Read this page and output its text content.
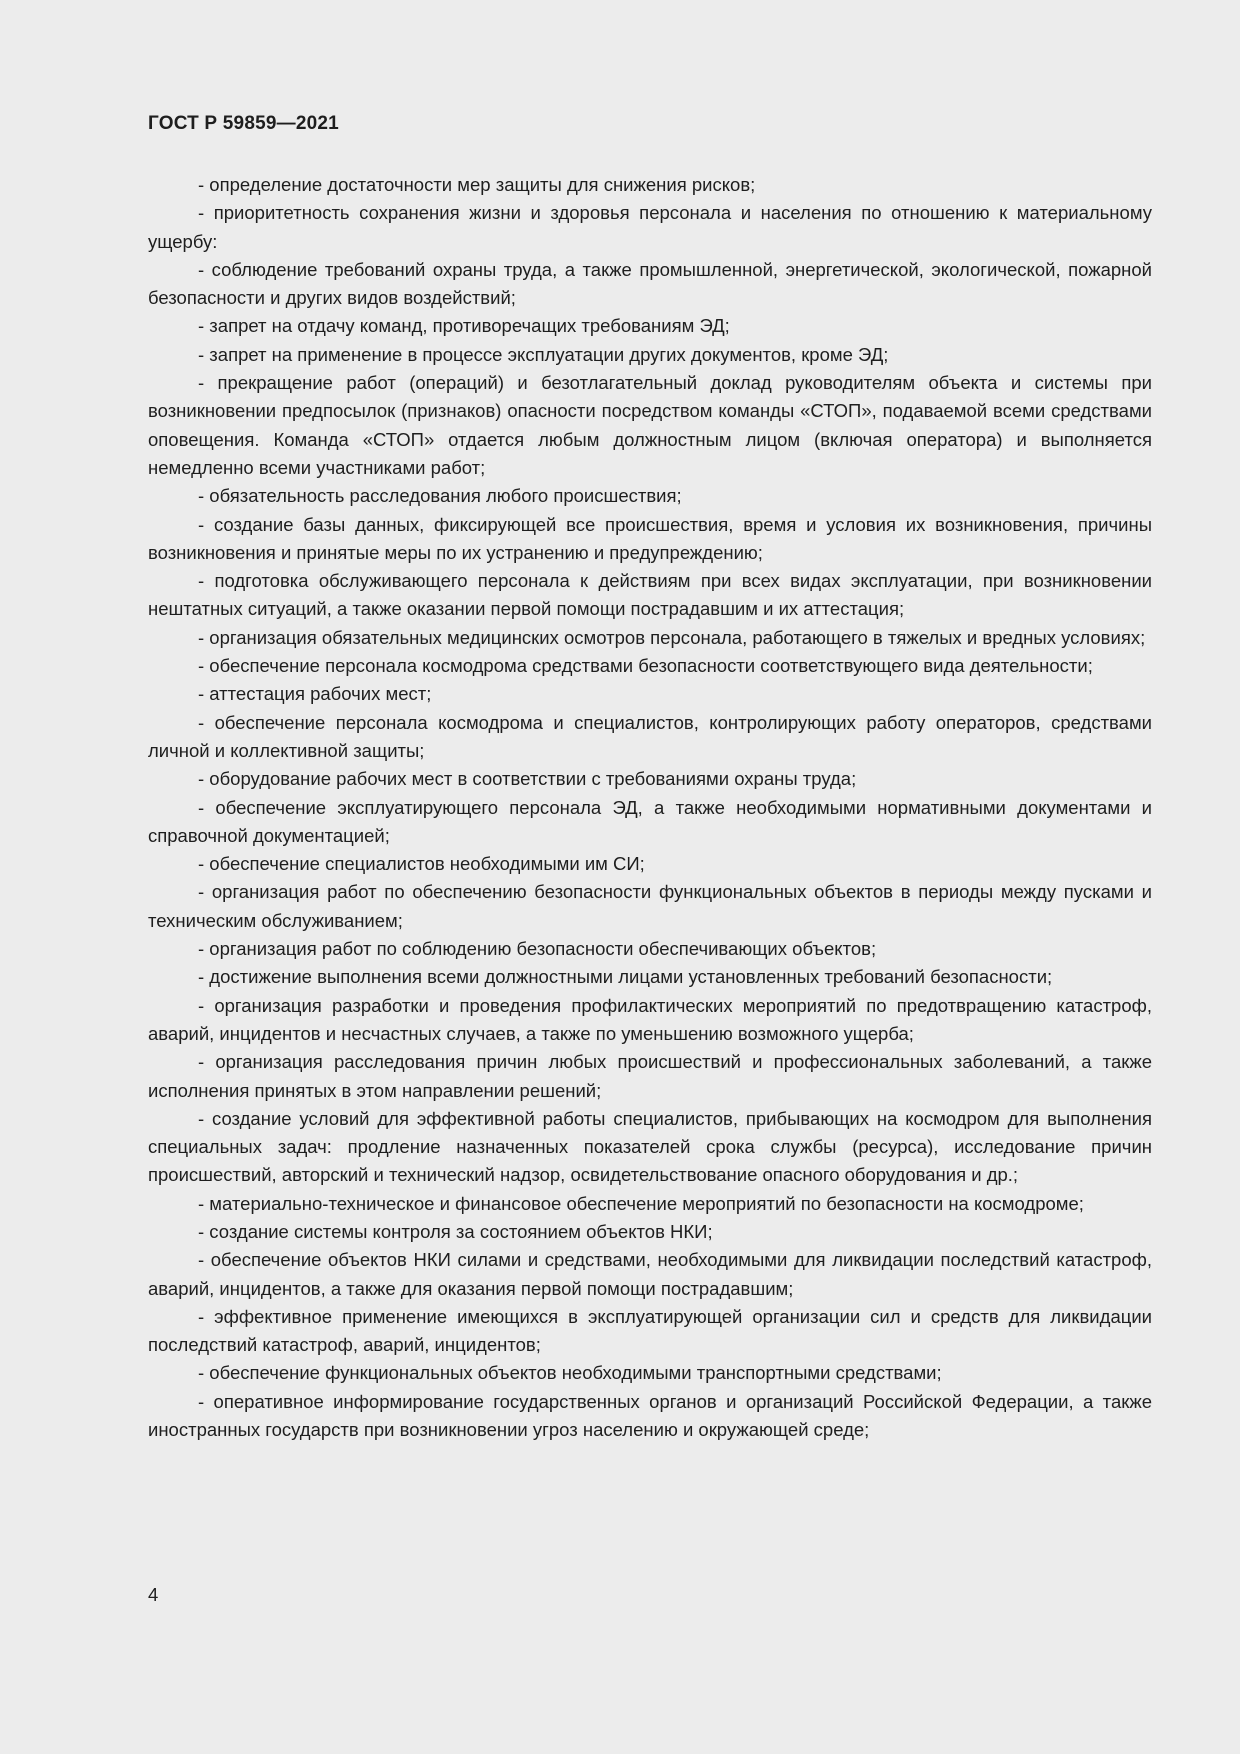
ГОСТ Р 59859—2021

- определение достаточности мер защиты для снижения рисков;

- приоритетность сохранения жизни и здоровья персонала и населения по отношению к материальному ущербу:

- соблюдение требований охраны труда, а также промышленной, энергетической, экологической, пожарной безопасности и других видов воздействий;

- запрет на отдачу команд, противоречащих требованиям ЭД;

- запрет на применение в процессе эксплуатации других документов, кроме ЭД;

- прекращение работ (операций) и безотлагательный доклад руководителям объекта и системы при возникновении предпосылок (признаков) опасности посредством команды «СТОП», подаваемой всеми средствами оповещения. Команда «СТОП» отдается любым должностным лицом (включая оператора) и выполняется немедленно всеми участниками работ;

- обязательность расследования любого происшествия;

- создание базы данных, фиксирующей все происшествия, время и условия их возникновения, причины возникновения и принятые меры по их устранению и предупреждению;

- подготовка обслуживающего персонала к действиям при всех видах эксплуатации, при возникновении нештатных ситуаций, а также оказании первой помощи пострадавшим и их аттестация;

- организация обязательных медицинских осмотров персонала, работающего в тяжелых и вредных условиях;

- обеспечение персонала космодрома средствами безопасности соответствующего вида деятельности;

- аттестация рабочих мест;

- обеспечение персонала космодрома и специалистов, контролирующих работу операторов, средствами личной и коллективной защиты;

- оборудование рабочих мест в соответствии с требованиями охраны труда;

- обеспечение эксплуатирующего персонала ЭД, а также необходимыми нормативными документами и справочной документацией;

- обеспечение специалистов необходимыми им СИ;

- организация работ по обеспечению безопасности функциональных объектов в периоды между пусками и техническим обслуживанием;

- организация работ по соблюдению безопасности обеспечивающих объектов;

- достижение выполнения всеми должностными лицами установленных требований безопасности;

- организация разработки и проведения профилактических мероприятий по предотвращению катастроф, аварий, инцидентов и несчастных случаев, а также по уменьшению возможного ущерба;

- организация расследования причин любых происшествий и профессиональных заболеваний, а также исполнения принятых в этом направлении решений;

- создание условий для эффективной работы специалистов, прибывающих на космодром для выполнения специальных задач: продление назначенных показателей срока службы (ресурса), исследование причин происшествий, авторский и технический надзор, освидетельствование опасного оборудования и др.;

- материально-техническое и финансовое обеспечение мероприятий по безопасности на космодроме;

- создание системы контроля за состоянием объектов НКИ;

- обеспечение объектов НКИ силами и средствами, необходимыми для ликвидации последствий катастроф, аварий, инцидентов, а также для оказания первой помощи пострадавшим;

- эффективное применение имеющихся в эксплуатирующей организации сил и средств для ликвидации последствий катастроф, аварий, инцидентов;

- обеспечение функциональных объектов необходимыми транспортными средствами;

- оперативное информирование государственных органов и организаций Российской Федерации, а также иностранных государств при возникновении угроз населению и окружающей среде;

4
